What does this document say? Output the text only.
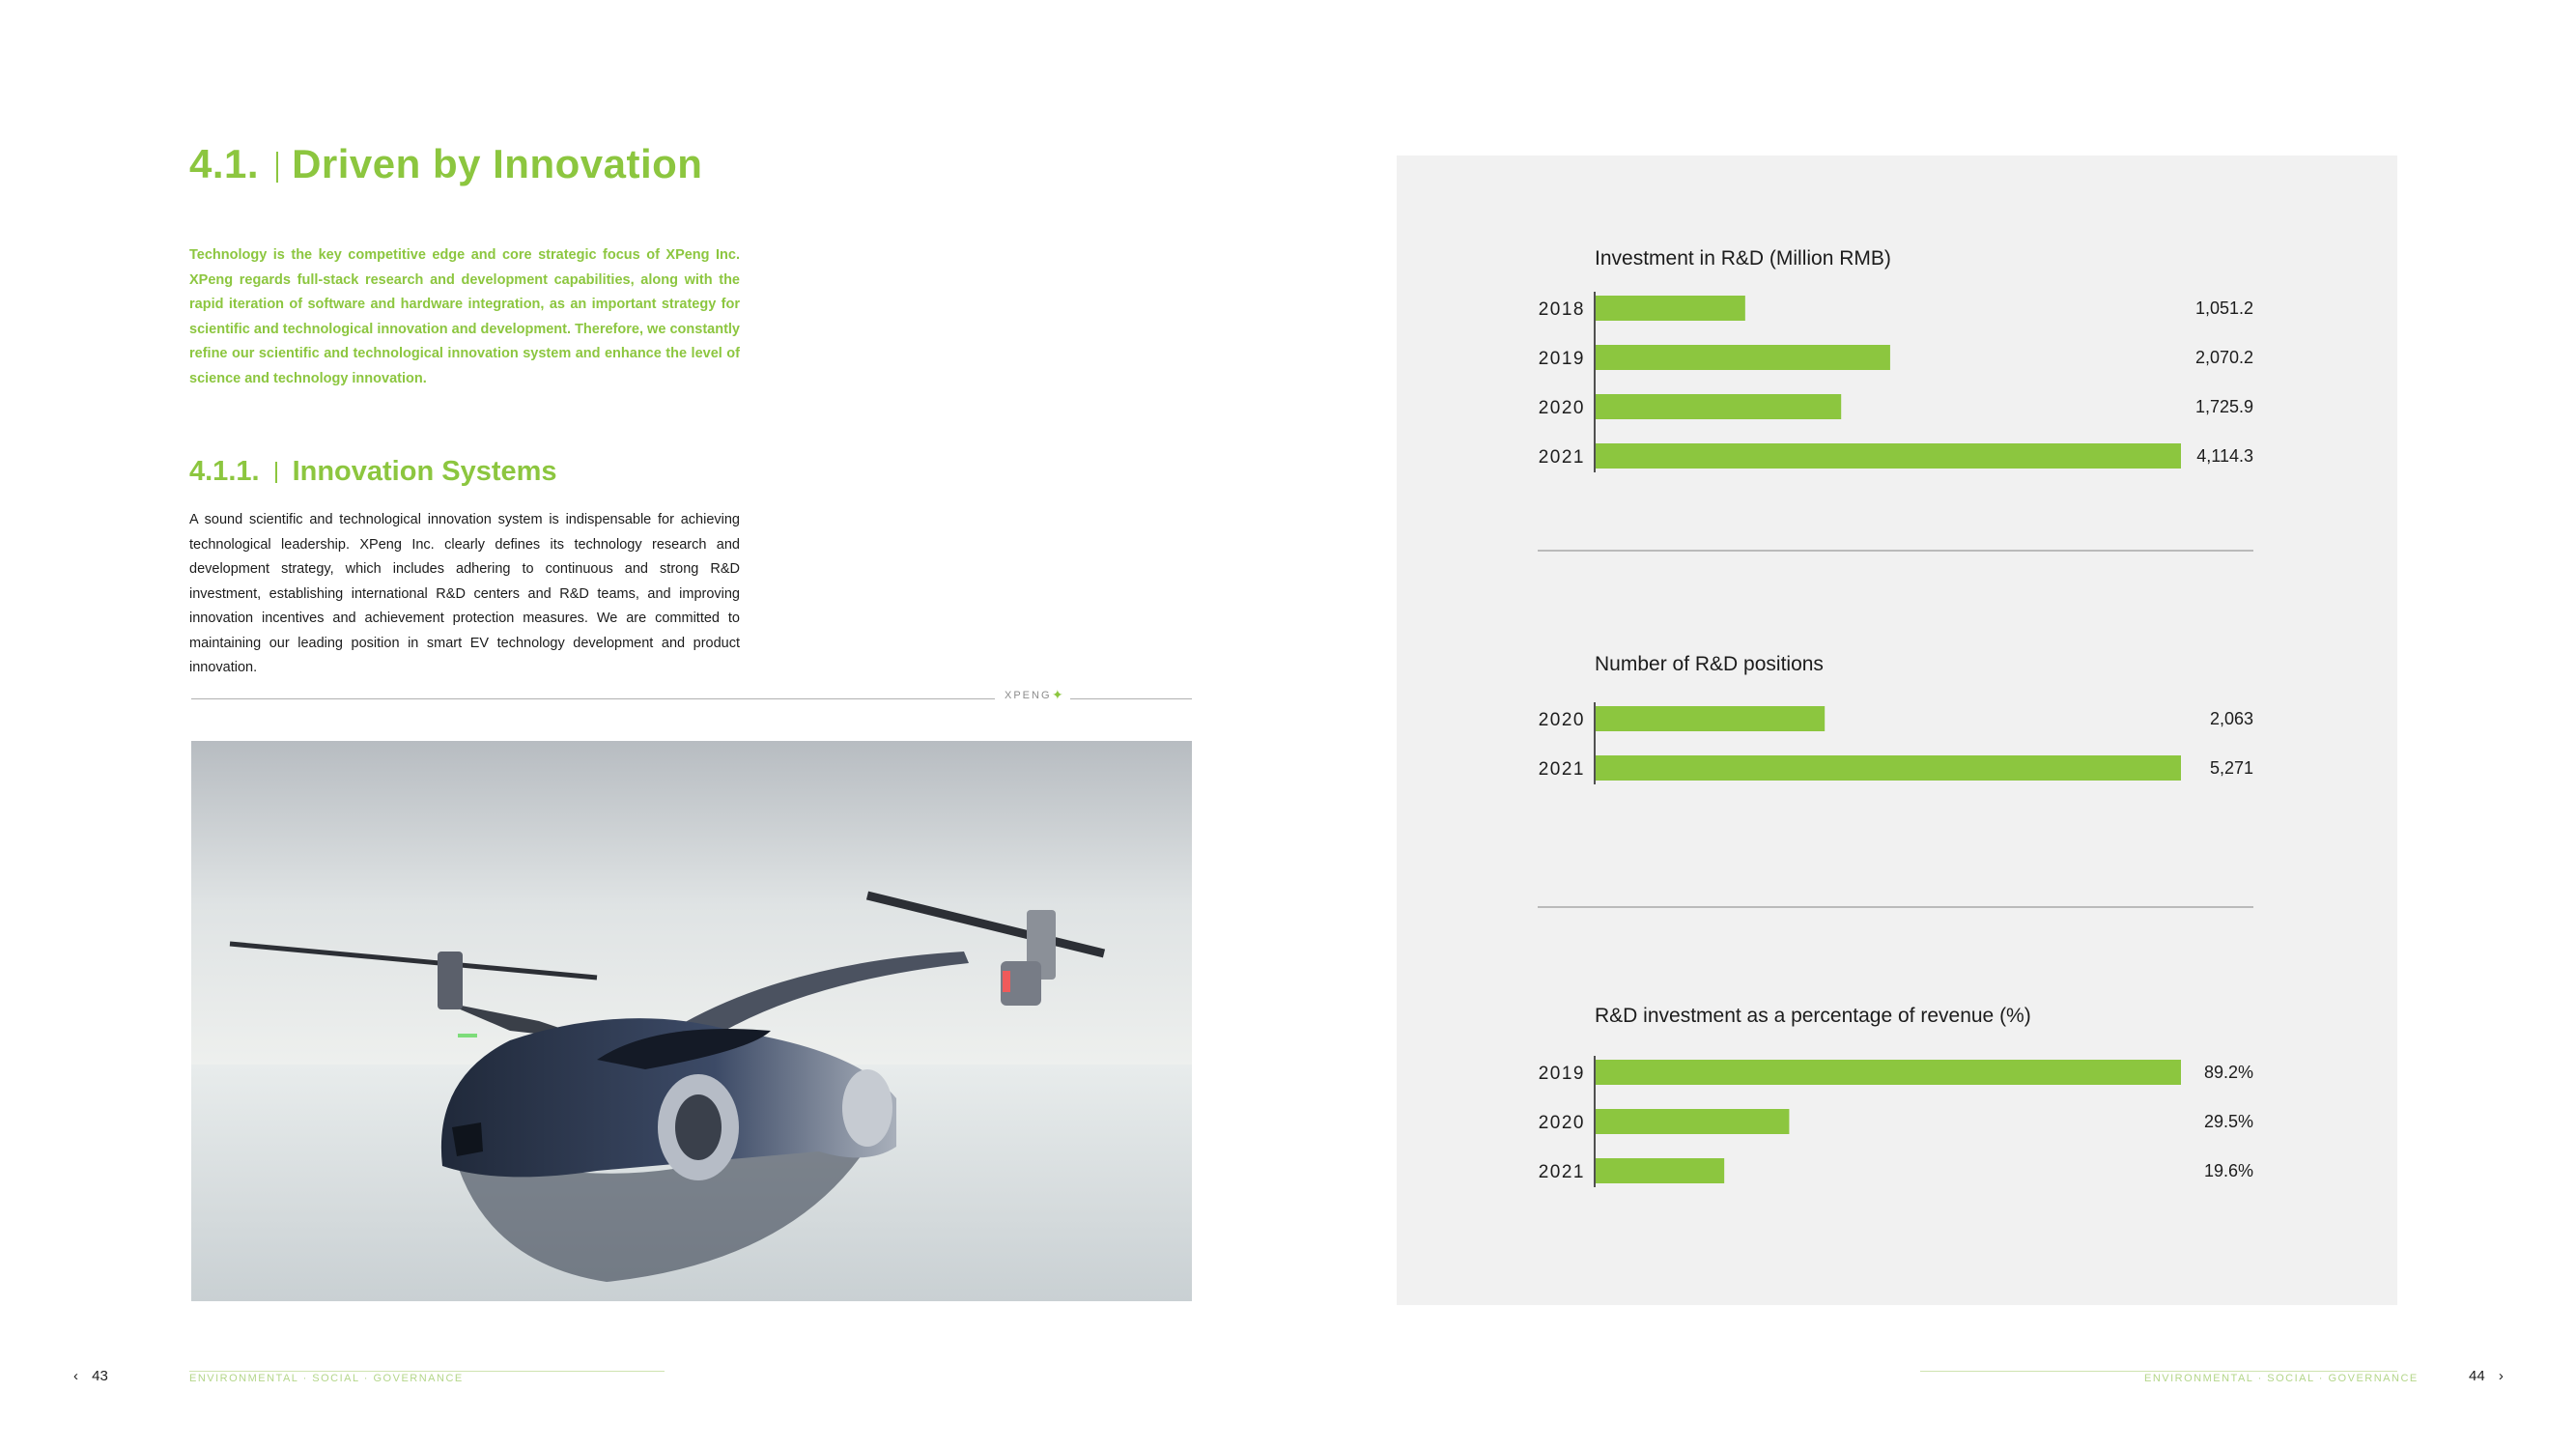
4.1. Driven by Innovation
Technology is the key competitive edge and core strategic focus of XPeng Inc. XPeng regards full-stack research and development capabilities, along with the rapid iteration of software and hardware integration, as an important strategy for scientific and technological innovation and development. Therefore, we constantly refine our scientific and technological innovation system and enhance the level of science and technology innovation.
4.1.1. Innovation Systems
A sound scientific and technological innovation system is indispensable for achieving technological leadership. XPeng Inc. clearly defines its technology research and development strategy, which includes adhering to continuous and strong R&D investment, establishing international R&D centers and R&D teams, and improving innovation incentives and achievement protection measures. We are committed to maintaining our leading position in smart EV technology development and product innovation.
XPENG ✦
Investment in R&D (Million RMB)
2018	1,051.2
2019	2,070.2
2020	1,725.9
2021	4,114.3
Number of R&D positions
2020	2,063
2021	5,271
R&D investment as a percentage of revenue (%)
2019	89.2%
2020	29.5%
2021	19.6%
‹ 43	ENVIRONMENTAL · SOCIAL · GOVERNANCE	ENVIRONMENTAL · SOCIAL · GOVERNANCE	44 ›
